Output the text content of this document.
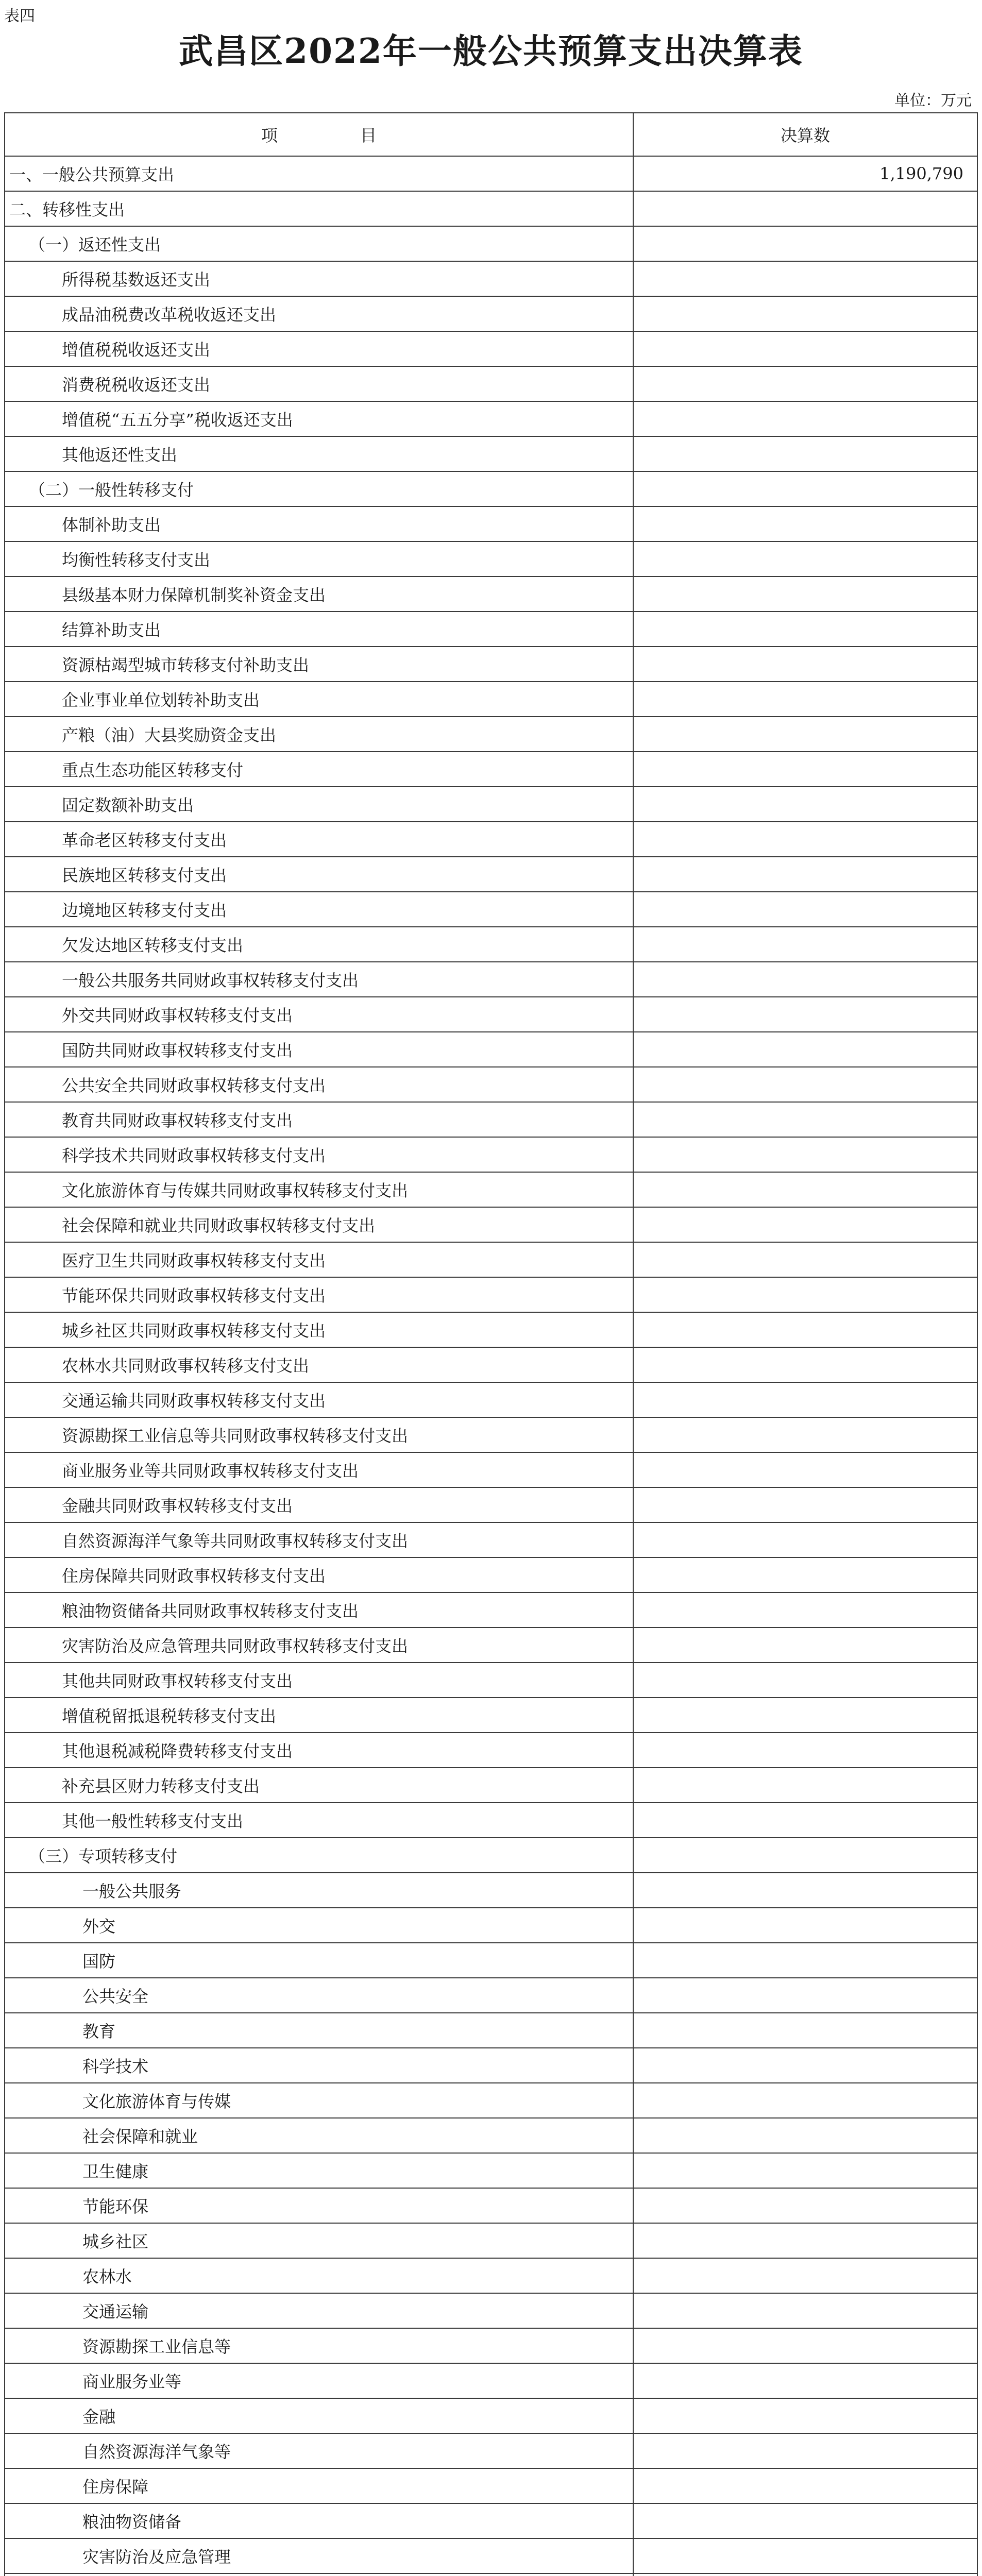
表四
武昌区2022年一般公共预算支出决算表
单位：万元
项　　　　　目	决算数
一、一般公共预算支出	1,190,790
二、转移性支出	
（一）返还性支出	
所得税基数返还支出	
成品油税费改革税收返还支出	
增值税税收返还支出	
消费税税收返还支出	
增值税“五五分享”税收返还支出	
其他返还性支出	
（二）一般性转移支付	
体制补助支出	
均衡性转移支付支出	
县级基本财力保障机制奖补资金支出	
结算补助支出	
资源枯竭型城市转移支付补助支出	
企业事业单位划转补助支出	
产粮（油）大县奖励资金支出	
重点生态功能区转移支付	
固定数额补助支出	
革命老区转移支付支出	
民族地区转移支付支出	
边境地区转移支付支出	
欠发达地区转移支付支出	
一般公共服务共同财政事权转移支付支出	
外交共同财政事权转移支付支出	
国防共同财政事权转移支付支出	
公共安全共同财政事权转移支付支出	
教育共同财政事权转移支付支出	
科学技术共同财政事权转移支付支出	
文化旅游体育与传媒共同财政事权转移支付支出	
社会保障和就业共同财政事权转移支付支出	
医疗卫生共同财政事权转移支付支出	
节能环保共同财政事权转移支付支出	
城乡社区共同财政事权转移支付支出	
农林水共同财政事权转移支付支出	
交通运输共同财政事权转移支付支出	
资源勘探工业信息等共同财政事权转移支付支出	
商业服务业等共同财政事权转移支付支出	
金融共同财政事权转移支付支出	
自然资源海洋气象等共同财政事权转移支付支出	
住房保障共同财政事权转移支付支出	
粮油物资储备共同财政事权转移支付支出	
灾害防治及应急管理共同财政事权转移支付支出	
其他共同财政事权转移支付支出	
增值税留抵退税转移支付支出	
其他退税减税降费转移支付支出	
补充县区财力转移支付支出	
其他一般性转移支付支出	
（三）专项转移支付	
一般公共服务	
外交	
国防	
公共安全	
教育	
科学技术	
文化旅游体育与传媒	
社会保障和就业	
卫生健康	
节能环保	
城乡社区	
农林水	
交通运输	
资源勘探工业信息等	
商业服务业等	
金融	
自然资源海洋气象等	
住房保障	
粮油物资储备	
灾害防治及应急管理	
